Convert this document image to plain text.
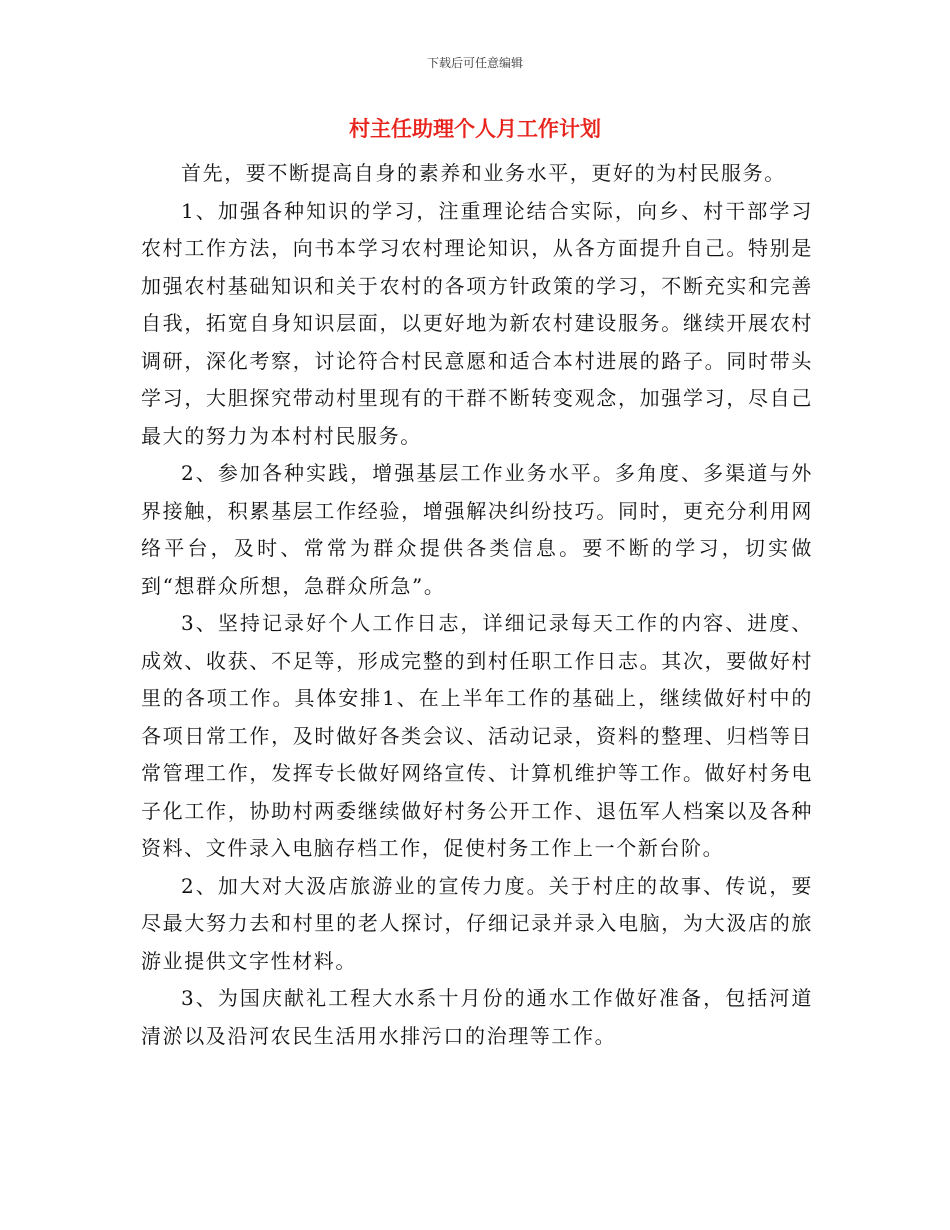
下载后可任意编辑
村主任助理个人月工作计划

首先，要不断提高自身的素养和业务水平，更好的为村民服务。

1、加强各种知识的学习，注重理论结合实际，向乡、村干部学习农村工作方法，向书本学习农村理论知识，从各方面提升自己。特别是加强农村基础知识和关于农村的各项方针政策的学习，不断充实和完善自我，拓宽自身知识层面，以更好地为新农村建设服务。继续开展农村调研，深化考察，讨论符合村民意愿和适合本村进展的路子。同时带头学习，大胆探究带动村里现有的干群不断转变观念，加强学习，尽自己最大的努力为本村村民服务。

2、参加各种实践，增强基层工作业务水平。多角度、多渠道与外界接触，积累基层工作经验，增强解决纠纷技巧。同时，更充分利用网络平台，及时、常常为群众提供各类信息。要不断的学习，切实做到“想群众所想，急群众所急”。

3、坚持记录好个人工作日志，详细记录每天工作的内容、进度、成效、收获、不足等，形成完整的到村任职工作日志。其次，要做好村里的各项工作。具体安排1、在上半年工作的基础上，继续做好村中的各项日常工作，及时做好各类会议、活动记录，资料的整理、归档等日常管理工作，发挥专长做好网络宣传、计算机维护等工作。做好村务电子化工作，协助村两委继续做好村务公开工作、退伍军人档案以及各种资料、文件录入电脑存档工作，促使村务工作上一个新台阶。

2、加大对大汲店旅游业的宣传力度。关于村庄的故事、传说，要尽最大努力去和村里的老人探讨，仔细记录并录入电脑，为大汲店的旅游业提供文字性材料。

3、为国庆献礼工程大水系十月份的通水工作做好准备，包括河道清淤以及沿河农民生活用水排污口的治理等工作。
